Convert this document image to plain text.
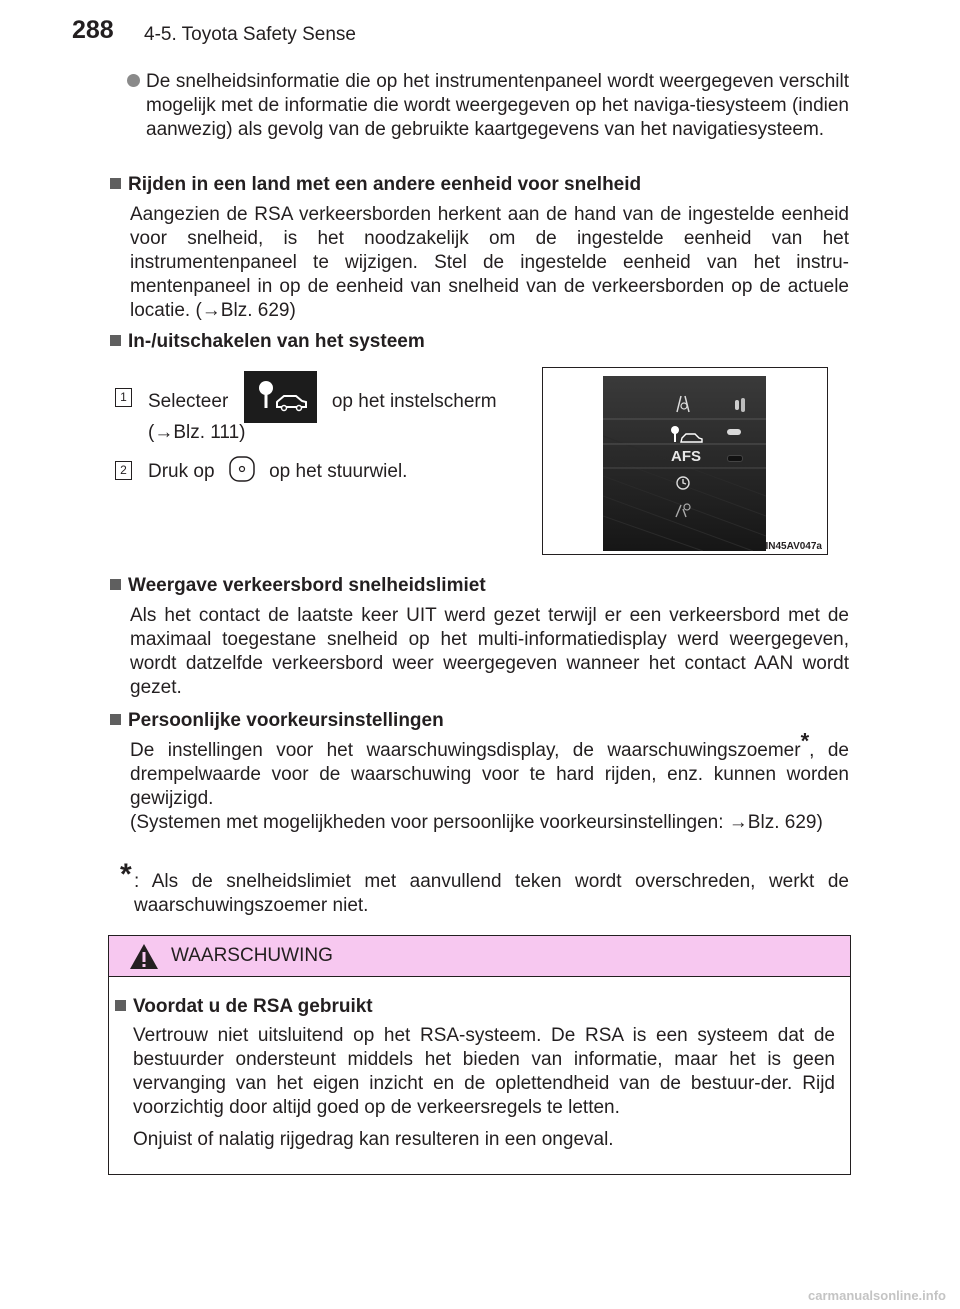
288 4-5. Toyota Safety Sense
De snelheidsinformatie die op het instrumentenpaneel wordt weergegeven verschilt mogelijk met de informatie die wordt weergegeven op het naviga-tiesysteem (indien aanwezig) als gevolg van de gebruikte kaartgegevens van het navigatiesysteem.
Rijden in een land met een andere eenheid voor snelheid
Aangezien de RSA verkeersborden herkent aan de hand van de ingestelde eenheid voor snelheid, is het noodzakelijk om de ingestelde eenheid van het instrumentenpaneel te wijzigen. Stel de ingestelde eenheid van het instru-mentenpaneel in op de eenheid van snelheid van de verkeersborden op de actuele locatie. (→Blz. 629)
In-/uitschakelen van het systeem
1 Selecteer	op het instelscherm
(→Blz. 111)
2 Druk op	op het stuurwiel.
AFS
IN45AV047a
Weergave verkeersbord snelheidslimiet
Als het contact de laatste keer UIT werd gezet terwijl er een verkeersbord met de maximaal toegestane snelheid op het multi-informatiedisplay werd weergegeven, wordt datzelfde verkeersbord weer weergegeven wanneer het contact AAN wordt gezet.
Persoonlijke voorkeursinstellingen
De instellingen voor het waarschuwingsdisplay, de waarschuwingszoemer*, de drempelwaarde voor de waarschuwing voor te hard rijden, enz. kunnen worden gewijzigd.
(Systemen met mogelijkheden voor persoonlijke voorkeursinstellingen: →Blz. 629)
* : Als de snelheidslimiet met aanvullend teken wordt overschreden, werkt de waarschuwingszoemer niet.
WAARSCHUWING
Voordat u de RSA gebruikt
Vertrouw niet uitsluitend op het RSA-systeem. De RSA is een systeem dat de bestuurder ondersteunt middels het bieden van informatie, maar het is geen vervanging van het eigen inzicht en de oplettendheid van de bestuur-der. Rijd voorzichtig door altijd goed op de verkeersregels te letten.
Onjuist of nalatig rijgedrag kan resulteren in een ongeval.
carmanualsonline.info
